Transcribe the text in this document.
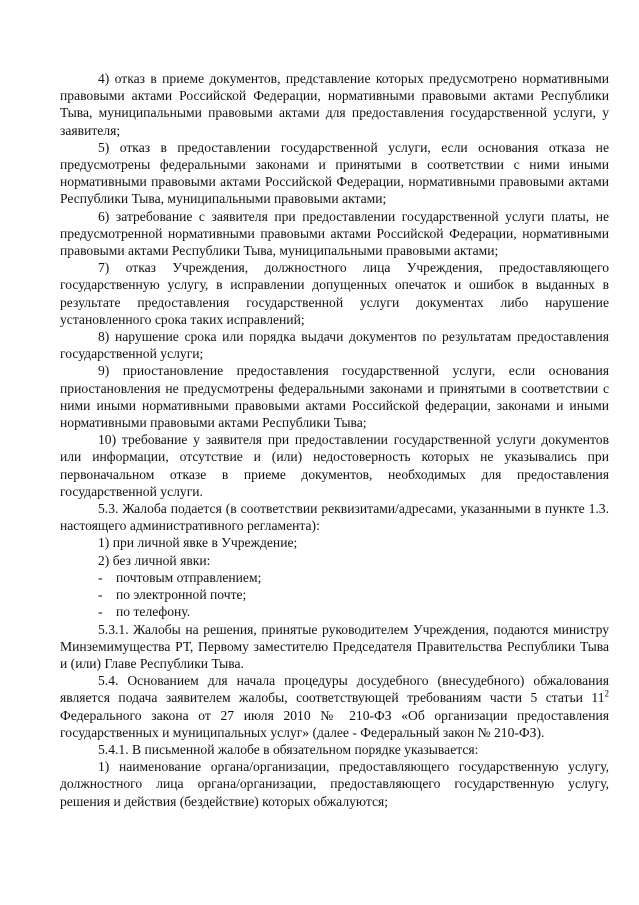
4) отказ в приеме документов, представление которых предусмотрено нормативными правовыми актами Российской Федерации, нормативными правовыми актами Республики Тыва, муниципальными правовыми актами для предоставления государственной услуги, у заявителя;

5) отказ в предоставлении государственной услуги, если основания отказа не предусмотрены федеральными законами и принятыми в соответствии с ними иными нормативными правовыми актами Российской Федерации, нормативными правовыми актами Республики Тыва, муниципальными правовыми актами;

6) затребование с заявителя при предоставлении государственной услуги платы, не предусмотренной нормативными правовыми актами Российской Федерации, нормативными правовыми актами Республики Тыва, муниципальными правовыми актами;

7) отказ Учреждения, должностного лица Учреждения, предоставляющего государственную услугу, в исправлении допущенных опечаток и ошибок в выданных в результате предоставления государственной услуги документах либо нарушение установленного срока таких исправлений;

8) нарушение срока или порядка выдачи документов по результатам предоставления государственной услуги;

9) приостановление предоставления государственной услуги, если основания приостановления не предусмотрены федеральными законами и принятыми в соответствии с ними иными нормативными правовыми актами Российской федерации, законами и иными нормативными правовыми актами Республики Тыва;

10) требование у заявителя при предоставлении государственной услуги документов или информации, отсутствие и (или) недостоверность которых не указывались при первоначальном отказе в приеме документов, необходимых для предоставления государственной услуги.

5.3. Жалоба подается (в соответствии реквизитами/адресами, указанными в пункте 1.3. настоящего административного регламента):

1) при личной явке в Учреждение;

2) без личной явки:

- почтовым отправлением;

- по электронной почте;

- по телефону.

5.3.1. Жалобы на решения, принятые руководителем Учреждения, подаются министру Минземимущества РТ, Первому заместителю Председателя Правительства Республики Тыва и (или) Главе Республики Тыва.

5.4. Основанием для начала процедуры досудебного (внесудебного) обжалования является подача заявителем жалобы, соответствующей требованиям части 5 статьи $11^2$ Федерального закона от 27 июля 2010 № 210-ФЗ «Об организации предоставления государственных и муниципальных услуг» (далее - Федеральный закон № 210-ФЗ).

5.4.1. В письменной жалобе в обязательном порядке указывается:

1) наименование органа/организации, предоставляющего государственную услугу, должностного лица органа/организации, предоставляющего государственную услугу, решения и действия (бездействие) которых обжалуются;
